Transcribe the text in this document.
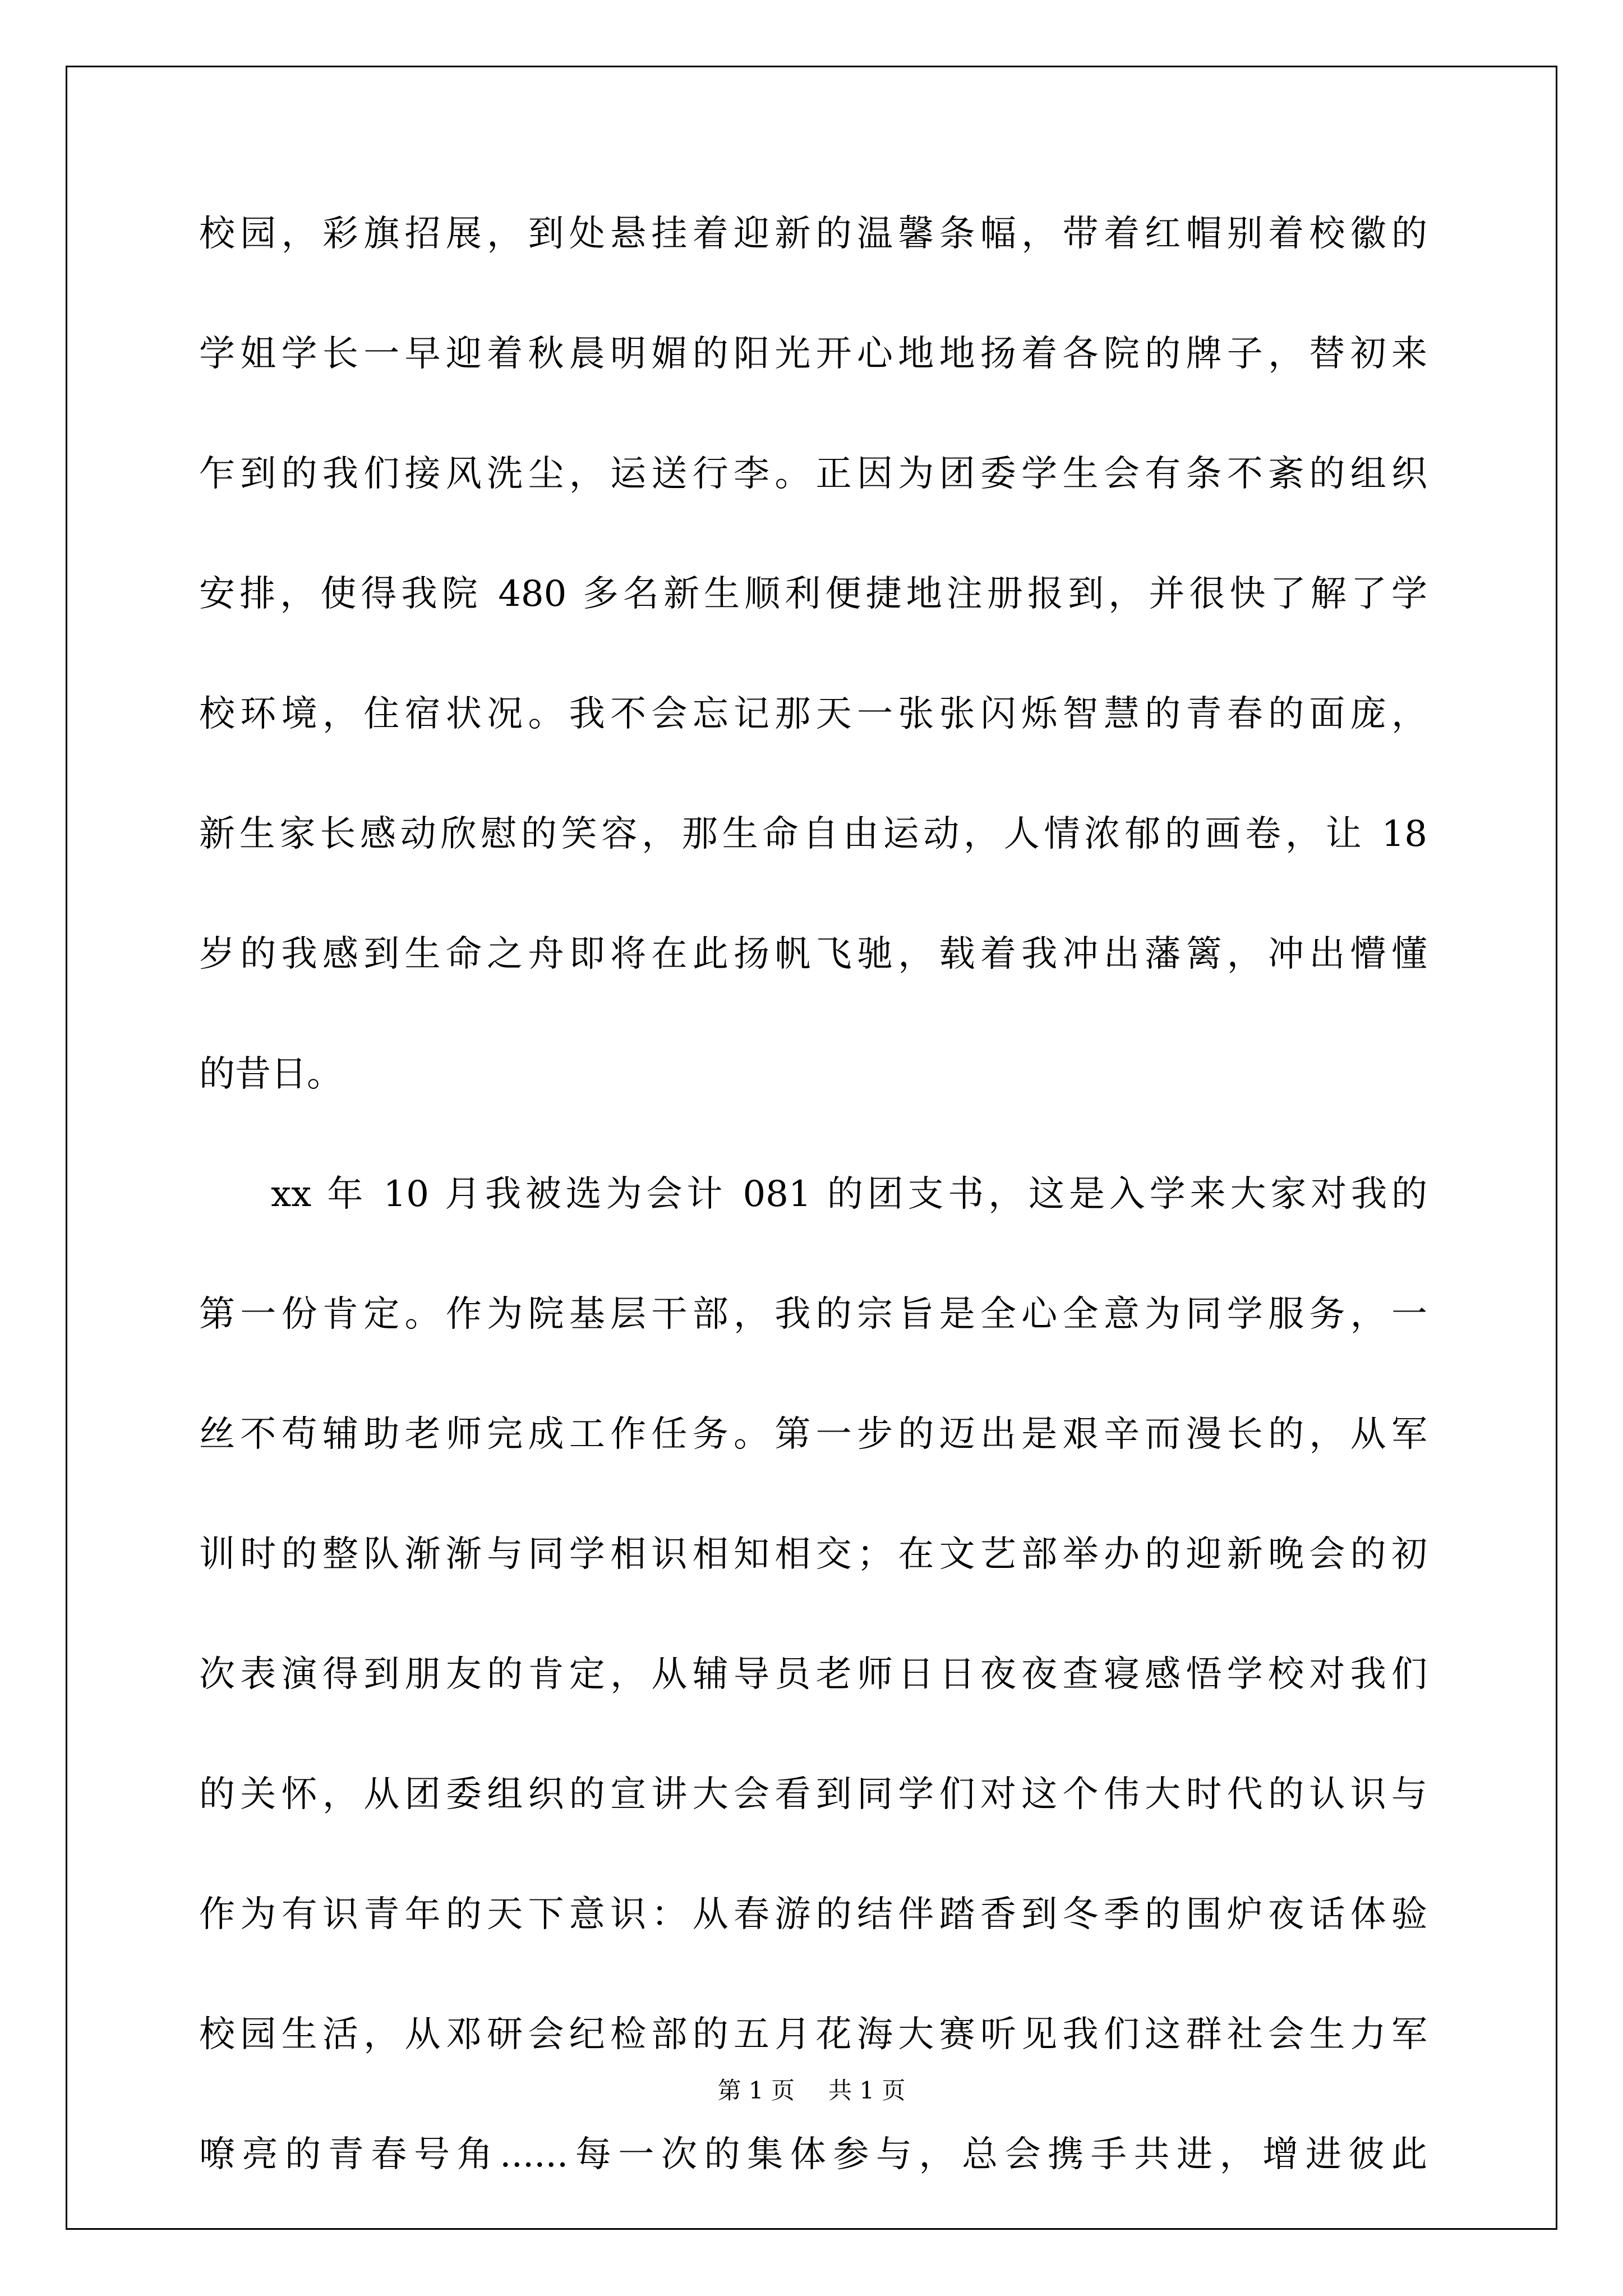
校园，彩旗招展，到处悬挂着迎新的温馨条幅，带着红帽别着校徽的
学姐学长一早迎着秋晨明媚的阳光开心地地扬着各院的牌子，替初来
乍到的我们接风洗尘，运送行李。正因为团委学生会有条不紊的组织
安排，使得我院 480 多名新生顺利便捷地注册报到，并很快了解了学
校环境，住宿状况。我不会忘记那天一张张闪烁智慧的青春的面庞，
新生家长感动欣慰的笑容，那生命自由运动，人情浓郁的画卷，让 18
岁的我感到生命之舟即将在此扬帆飞驰，载着我冲出藩篱，冲出懵懂
的昔日。
xx 年 10 月我被选为会计 081 的团支书，这是入学来大家对我的
第一份肯定。作为院基层干部，我的宗旨是全心全意为同学服务，一
丝不苟辅助老师完成工作任务。第一步的迈出是艰辛而漫长的，从军
训时的整队渐渐与同学相识相知相交；在文艺部举办的迎新晚会的初
次表演得到朋友的肯定，从辅导员老师日日夜夜查寝感悟学校对我们
的关怀，从团委组织的宣讲大会看到同学们对这个伟大时代的认识与
作为有识青年的天下意识：从春游的结伴踏香到冬季的围炉夜话体验
校园生活，从邓研会纪检部的五月花海大赛听见我们这群社会生力军
嘹亮的青春号角......每一次的集体参与，总会携手共进，增进彼此
第 1 页 共 1 页
